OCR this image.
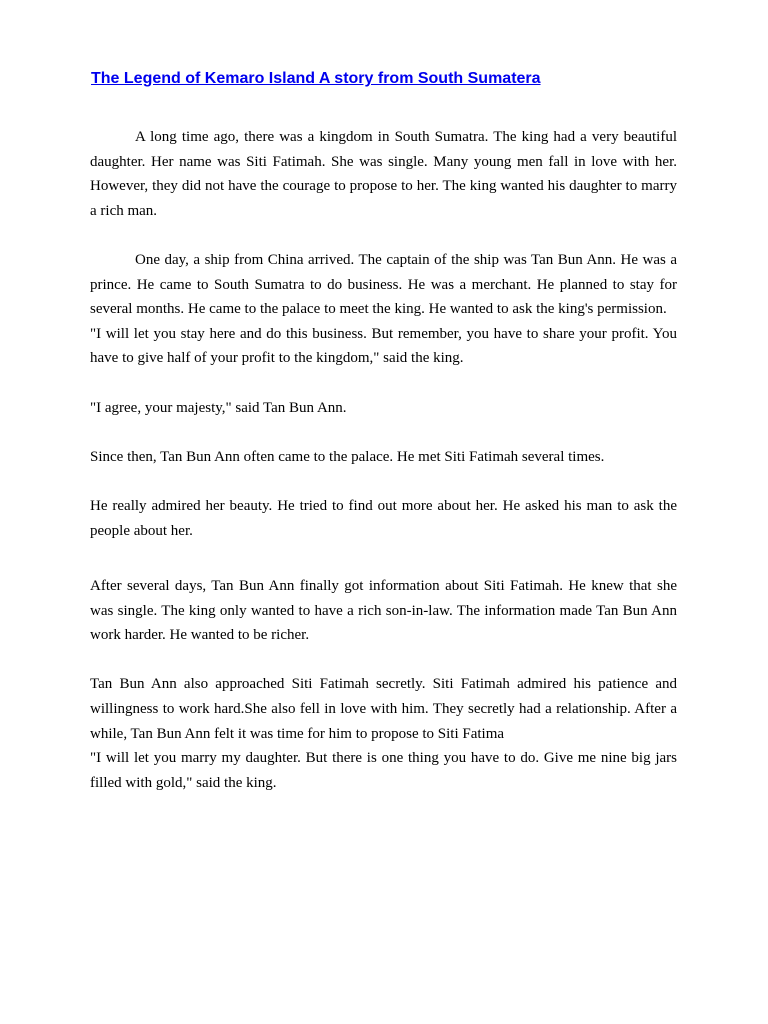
The Legend of Kemaro Island A story from South Sumatera

A long time ago, there was a kingdom in South Sumatra. The king had a very beautiful daughter. Her name was Siti Fatimah. She was single. Many young men fall in love with her. However, they did not have the courage to propose to her. The king wanted his daughter to marry a rich man.

One day, a ship from China arrived. The captain of the ship was Tan Bun Ann. He was a prince. He came to South Sumatra to do business. He was a merchant. He planned to stay for several months. He came to the palace to meet the king. He wanted to ask the king's permission.

"I will let you stay here and do this business. But remember, you have to share your profit. You have to give half of your profit to the kingdom," said the king.

"I agree, your majesty," said Tan Bun Ann.

Since then, Tan Bun Ann often came to the palace. He met Siti Fatimah several times.

He really admired her beauty. He tried to find out more about her. He asked his man to ask the people about her.

After several days, Tan Bun Ann finally got information about Siti Fatimah. He knew that she was single. The king only wanted to have a rich son-in-law. The information made Tan Bun Ann work harder. He wanted to be richer.

Tan Bun Ann also approached Siti Fatimah secretly. Siti Fatimah admired his patience and willingness to work hard.She also fell in love with him. They secretly had a relationship. After a while, Tan Bun Ann felt it was time for him to propose to Siti Fatima

"I will let you marry my daughter. But there is one thing you have to do. Give me nine big jars filled with gold," said the king.
